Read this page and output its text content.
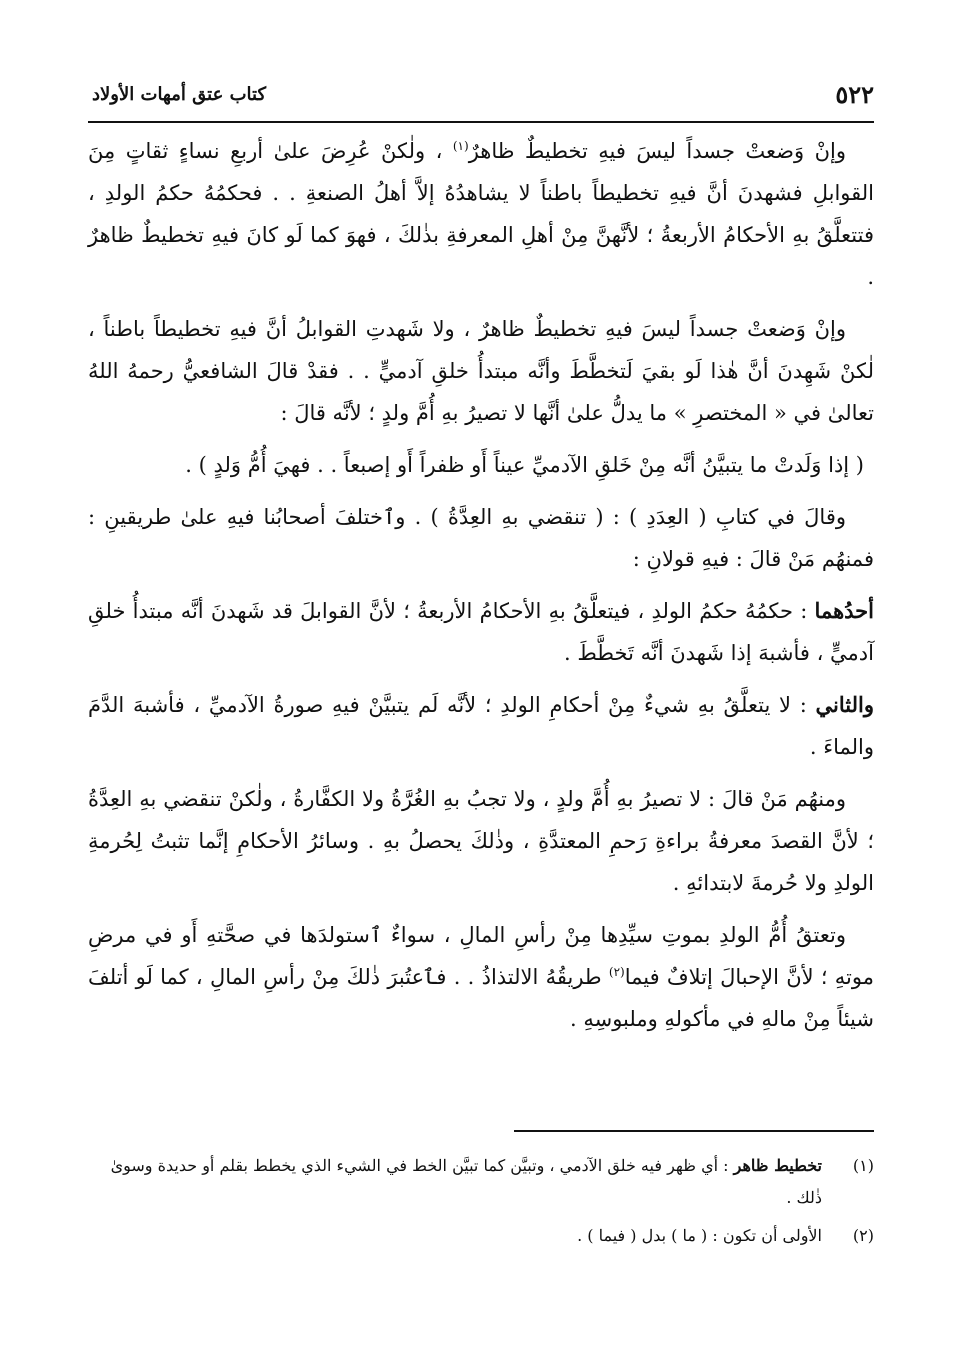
٥٢٢
كتاب عتق أمهات الأولاد

وإنْ وَضعتْ جسداً ليسَ فيهِ تخطيطٌ ظاهرٌ$^{(١)}$ ، ولٰكنْ عُرِضَ علىٰ أربعِ نساءٍ ثقاتٍ مِنَ القوابلِ فشهدنَ أنَّ فيهِ تخطيطاً باطناً لا يشاهدُهُ إلاَّ أهلُ الصنعةِ . . فحكمُهُ حكمُ الولدِ ، فتتعلَّقُ بهِ الأحكامُ الأربعةُ ؛ لأنَّهنَّ مِنْ أهلِ المعرفةِ بذٰلكَ ، فهوَ كما لَو كانَ فيهِ تخطيطٌ ظاهرٌ .

وإنْ وَضعتْ جسداً ليسَ فيهِ تخطيطٌ ظاهرٌ ، ولا شَهدتِ القوابلُ أنَّ فيهِ تخطيطاً باطناً ، لٰكنْ شَهِدنَ أنَّ هٰذا لَو بقيَ لَتخطَّطَ وأنَّه مبتدأُ خلقِ آدميٍّ . . فقدْ قالَ الشافعيُّ رحمهُ اللهُ تعالىٰ في « المختصرِ » ما يدلُّ علىٰ أنَّها لا تصيرُ بهِ أُمَّ ولدٍ ؛ لأنَّه قالَ :

( إذا وَلَدتْ ما يتبيَّنُ أنَّه مِنْ خَلقِ الآدميِّ عيناً أَو ظفراً أَو إصبعاً . . فهيَ أُمُّ وَلدٍ ) .

وقالَ في كتابِ ( العِدَدِ ) : ( تنقضي بهِ العِدَّةُ ) . وٱختلفَ أصحابُنا فيهِ علىٰ طريقينِ : فمنهُم مَنْ قالَ : فيهِ قولانِ :

أحدُهما : حكمُهُ حكمُ الولدِ ، فيتعلَّقُ بهِ الأحكامُ الأربعةُ ؛ لأنَّ القوابلَ قد شَهدنَ أنَّه مبتدأُ خلقِ آدميٍّ ، فأشبهَ إذا شَهدنَ أنَّه تَخطَّطَ .

والثاني : لا يتعلَّقُ بهِ شيءٌ مِنْ أحكامِ الولدِ ؛ لأنَّه لَم يتبيَّنْ فيهِ صورةُ الآدميِّ ، فأشبهَ الدَّمَ والماءَ .

ومنهُم مَنْ قالَ : لا تصيرُ بهِ أُمَّ ولدٍ ، ولا تجبُ بهِ الغُرَّةُ ولا الكفَّارةُ ، ولٰكنْ تنقضي بهِ العِدَّةُ ؛ لأنَّ القصدَ معرفةُ براءةِ رَحمِ المعتدَّةِ ، وذٰلكَ يحصلُ بهِ . وسائرُ الأحكامِ إنَّما تثبتُ لِحُرمةِ الولدِ ولا حُرمةَ لابتدائهِ .

وتعتقُ أُمُّ الولدِ بموتِ سيِّدِها مِنْ رأسِ المالِ ، سواءٌ ٱستولدَها في صحَّتهِ أَو في مرضِ موتهِ ؛ لأنَّ الإحبالَ إتلافٌ فيما$^{(٢)}$ طريقُهُ الالتذاذُ . . فٱعتُبرَ ذٰلكَ مِنْ رأسِ المالِ ، كما لَو أتلفَ شيئاً مِنْ مالهِ في مأكولهِ وملبوسِهِ .

(١)
تخطيط ظاهر : أي ظهر فيه خلق الآدمي ، وتبيَّن كما تبيَّن الخط في الشيء الذي يخطط بقلم أو حديدة وسوىٰ ذٰلك .
(٢)
الأولى أن تكون : ( ما ) بدل ( فيما ) .
